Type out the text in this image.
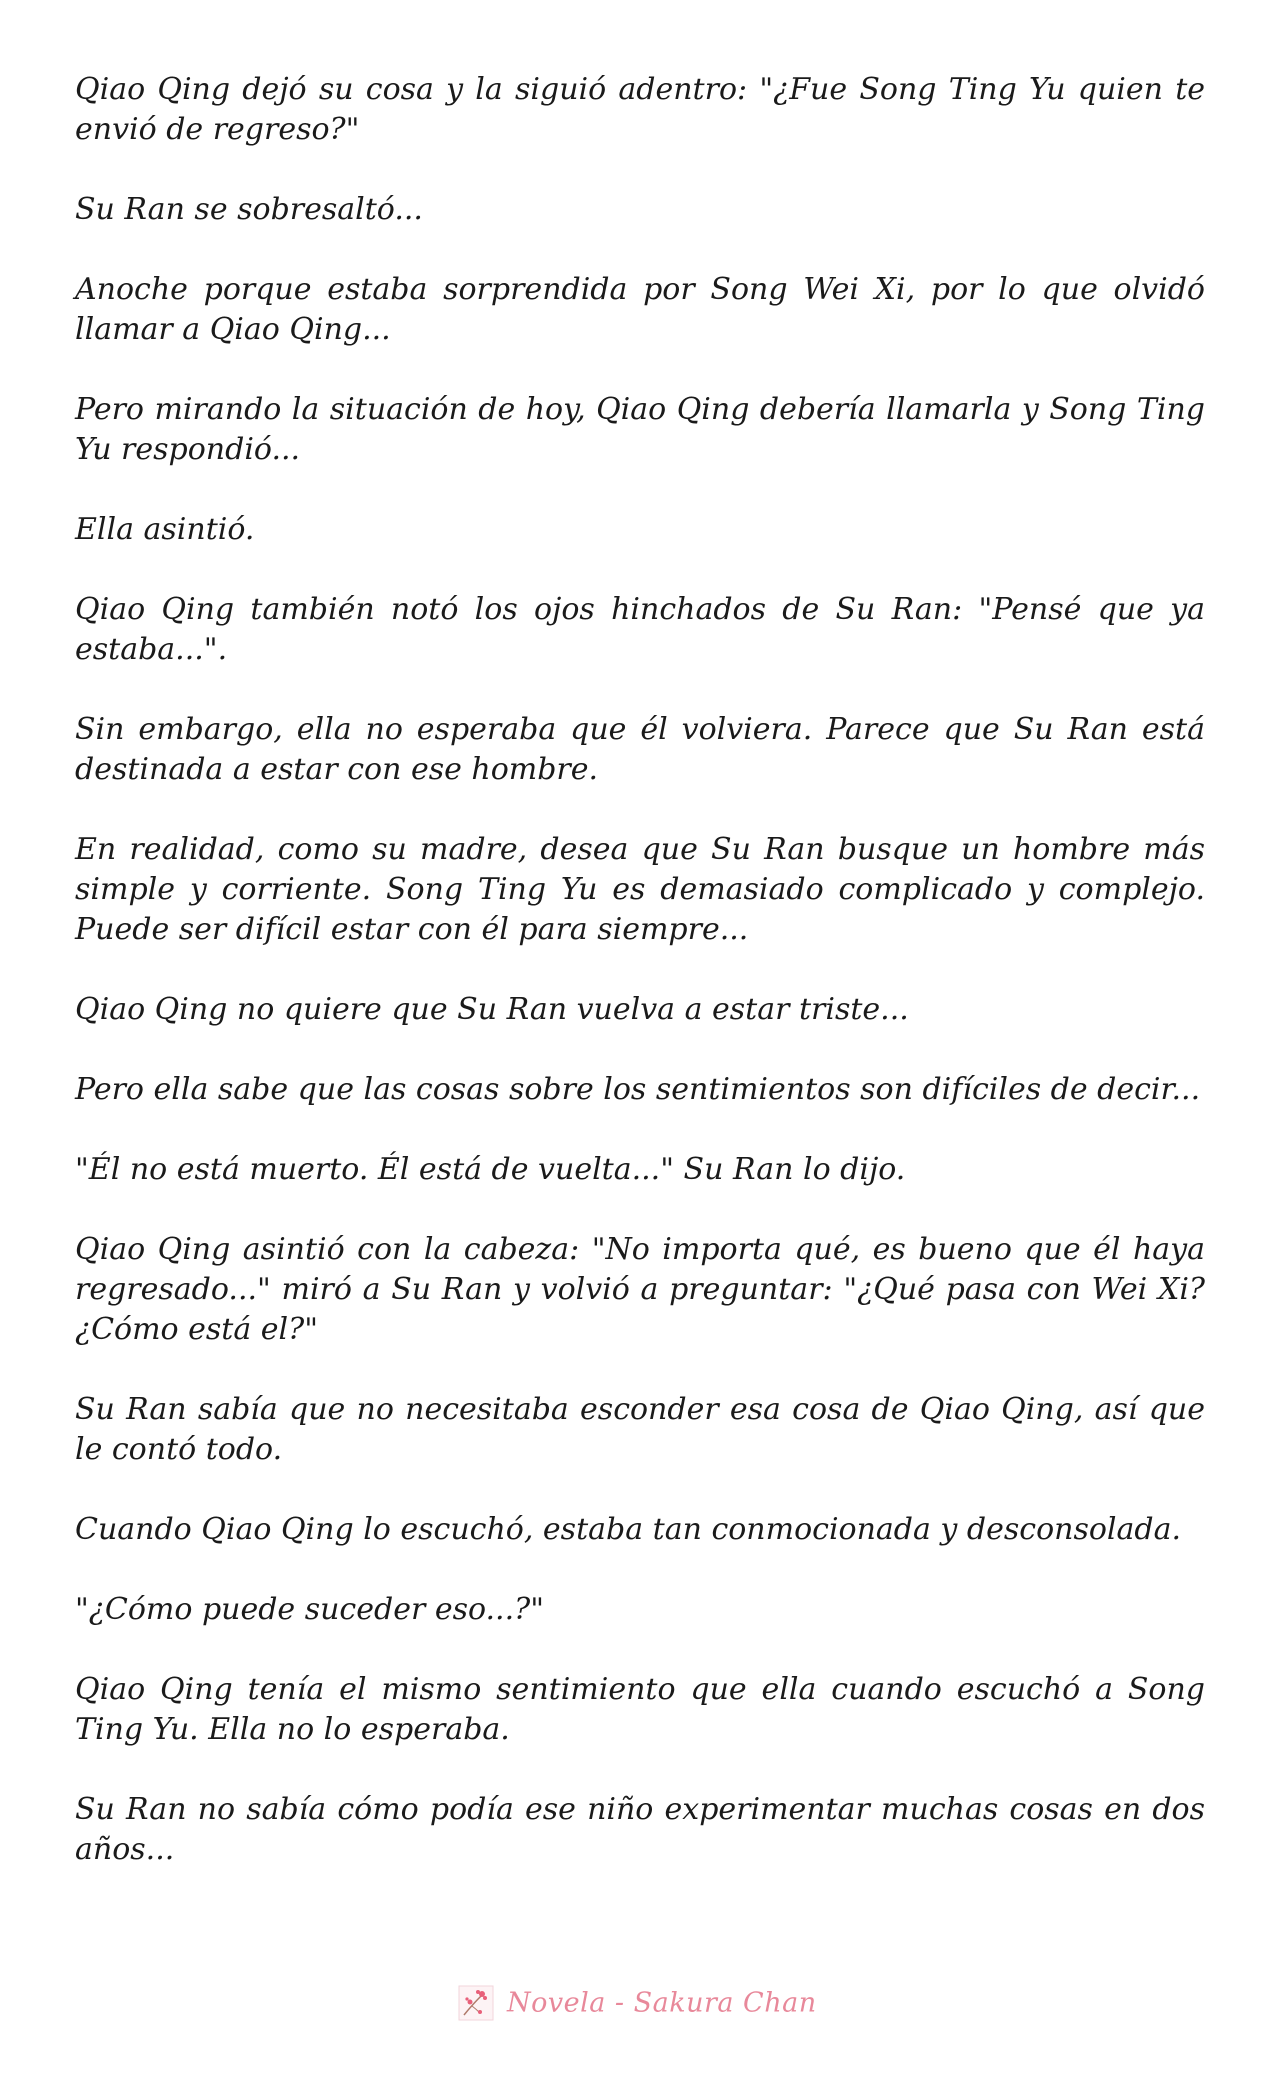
Qiao Qing dejó su cosa y la siguió adentro: "¿Fue Song Ting Yu quien te envió de regreso?"

Su Ran se sobresaltó...

Anoche porque estaba sorprendida por Song Wei Xi, por lo que olvidó llamar a Qiao Qing...

Pero mirando la situación de hoy, Qiao Qing debería llamarla y Song Ting Yu respondió...

Ella asintió.

Qiao Qing también notó los ojos hinchados de Su Ran: "Pensé que ya estaba...".

Sin embargo, ella no esperaba que él volviera. Parece que Su Ran está destinada a estar con ese hombre.

En realidad, como su madre, desea que Su Ran busque un hombre más simple y corriente. Song Ting Yu es demasiado complicado y complejo. Puede ser difícil estar con él para siempre...

Qiao Qing no quiere que Su Ran vuelva a estar triste...

Pero ella sabe que las cosas sobre los sentimientos son difíciles de decir...

"Él no está muerto. Él está de vuelta..." Su Ran lo dijo.

Qiao Qing asintió con la cabeza: "No importa qué, es bueno que él haya regresado..." miró a Su Ran y volvió a preguntar: "¿Qué pasa con Wei Xi? ¿Cómo está el?"

Su Ran sabía que no necesitaba esconder esa cosa de Qiao Qing, así que le contó todo.

Cuando Qiao Qing lo escuchó, estaba tan conmocionada y desconsolada.

"¿Cómo puede suceder eso...?"

Qiao Qing tenía el mismo sentimiento que ella cuando escuchó a Song Ting Yu. Ella no lo esperaba.

Su Ran no sabía cómo podía ese niño experimentar muchas cosas en dos años...

Novela - Sakura Chan
